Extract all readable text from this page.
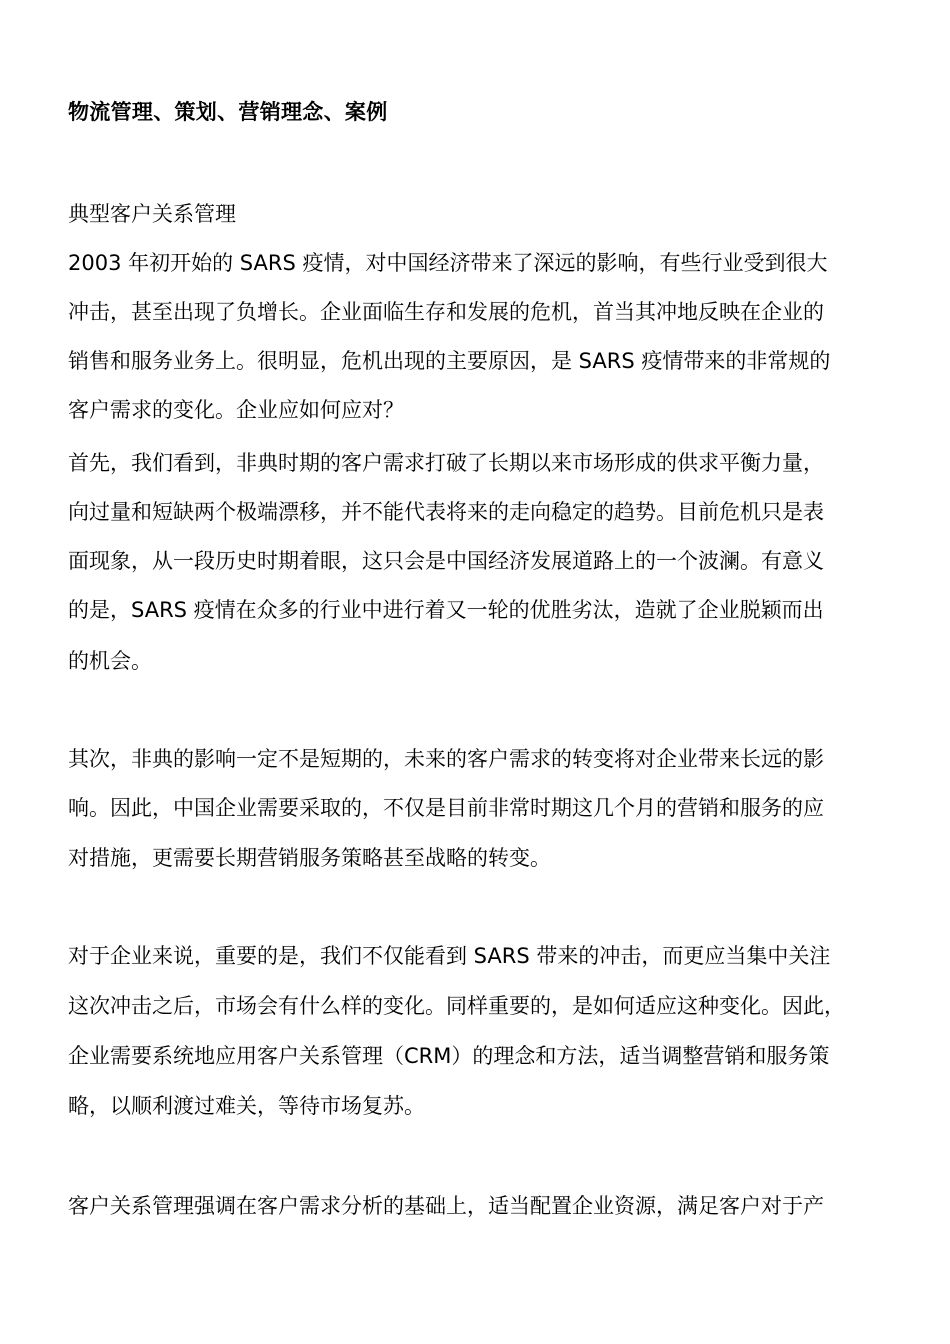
物流管理、策划、营销理念、案例
典型客户关系管理
2003 年初开始的 SARS 疫情，对中国经济带来了深远的影响，有些行业受到很大
冲击，甚至出现了负增长。企业面临生存和发展的危机，首当其冲地反映在企业的
销售和服务业务上。很明显，危机出现的主要原因，是 SARS 疫情带来的非常规的
客户需求的变化。企业应如何应对？
首先，我们看到，非典时期的客户需求打破了长期以来市场形成的供求平衡力量，
向过量和短缺两个极端漂移，并不能代表将来的走向稳定的趋势。目前危机只是表
面现象，从一段历史时期着眼，这只会是中国经济发展道路上的一个波澜。有意义
的是，SARS 疫情在众多的行业中进行着又一轮的优胜劣汰，造就了企业脱颖而出
的机会。
其次，非典的影响一定不是短期的，未来的客户需求的转变将对企业带来长远的影
响。因此，中国企业需要采取的，不仅是目前非常时期这几个月的营销和服务的应
对措施，更需要长期营销服务策略甚至战略的转变。
对于企业来说，重要的是，我们不仅能看到 SARS 带来的冲击，而更应当集中关注
这次冲击之后，市场会有什么样的变化。同样重要的，是如何适应这种变化。因此，
企业需要系统地应用客户关系管理（CRM）的理念和方法，适当调整营销和服务策
略，以顺利渡过难关，等待市场复苏。
客户关系管理强调在客户需求分析的基础上，适当配置企业资源，满足客户对于产
